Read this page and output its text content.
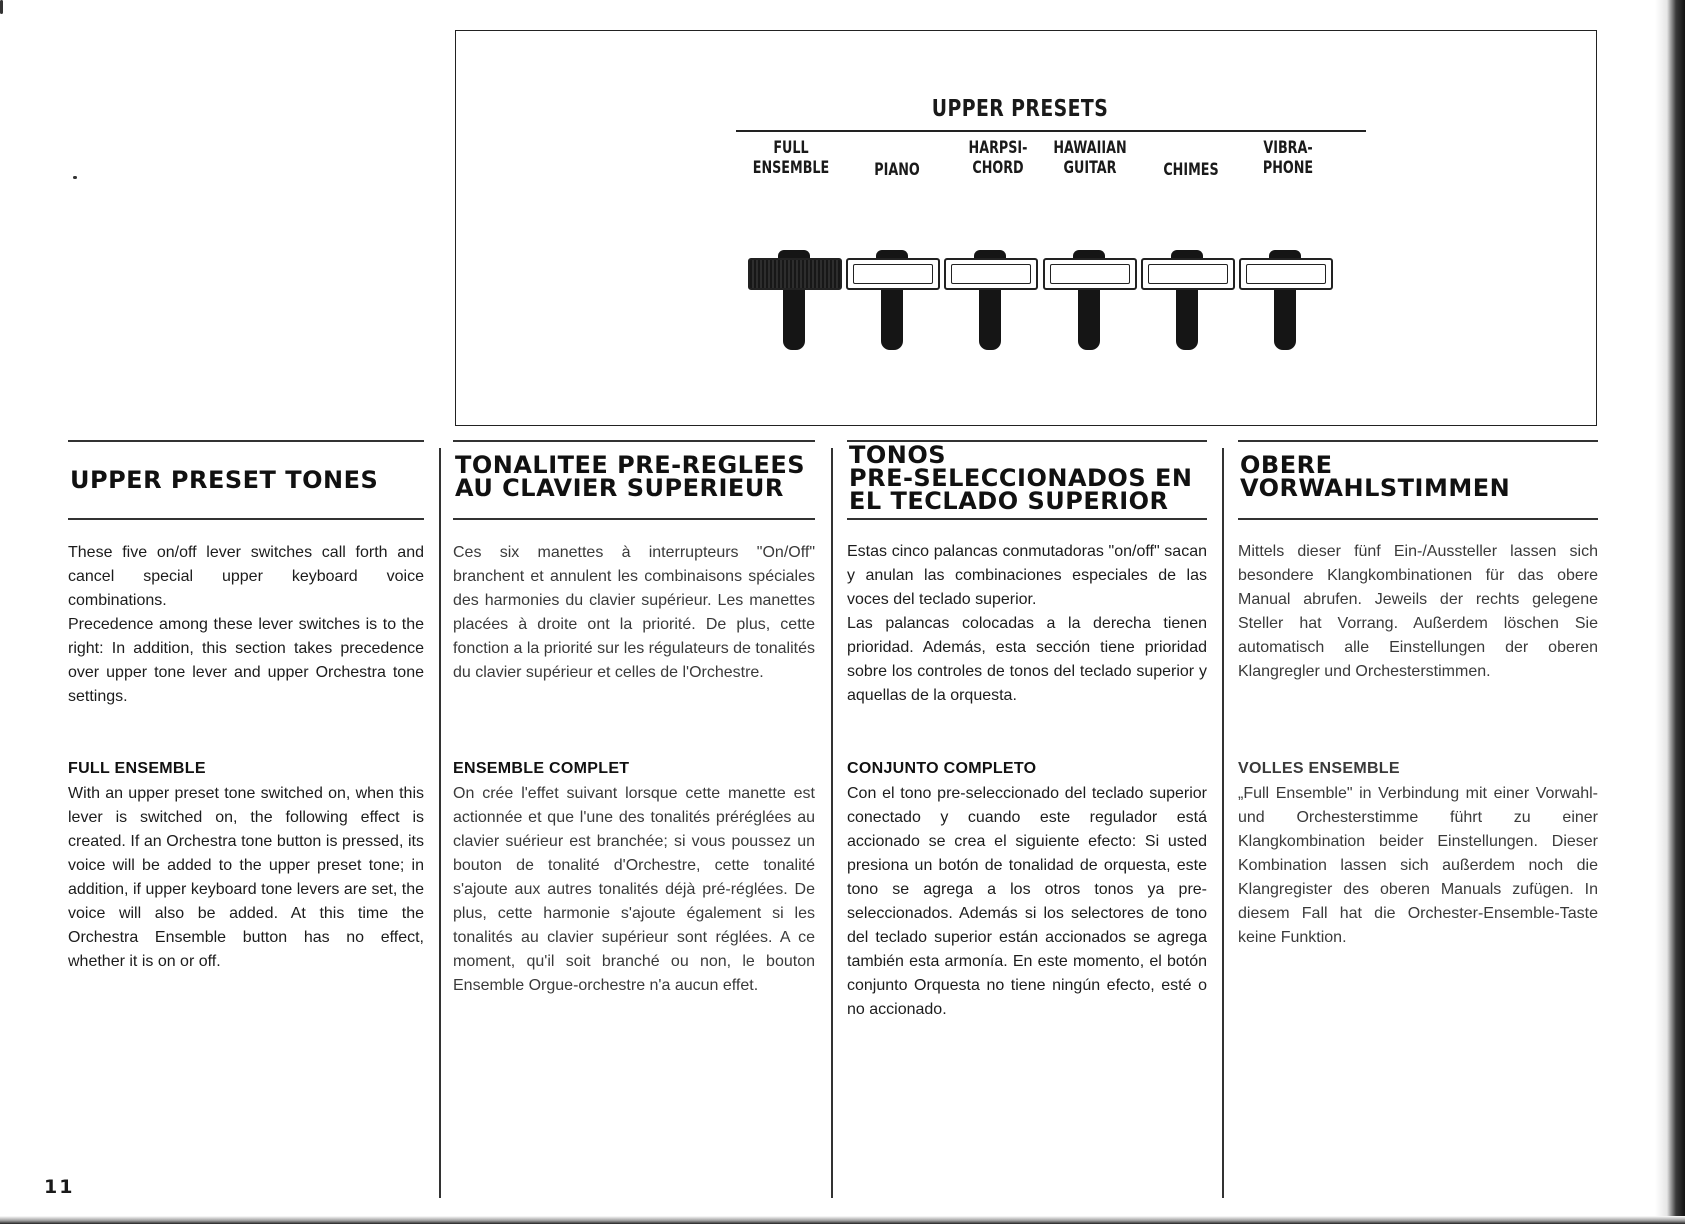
UPPER PRESETS
FULL
ENSEMBLE	PIANO
HARPSI-
CHORD
HAWAIIAN
GUITAR	CHIMES
VIBRA-
PHONE
UPPER PRESET TONES
These five on/off lever switches call forth and cancel special upper keyboard voice combinations.
Precedence among these lever switches is to the right: In addition, this section takes precedence over upper tone lever and upper Orchestra tone settings.
FULL ENSEMBLE
With an upper preset tone switched on, when this lever is switched on, the following effect is created. If an Orchestra tone button is pressed, its voice will be added to the upper preset tone; in addition, if upper keyboard tone levers are set, the voice will also be added. At this time the Orchestra Ensemble button has no effect, whether it is on or off.
TONALITEE PRE-REGLEES
AU CLAVIER SUPERIEUR
Ces six manettes à interrupteurs "On/Off" branchent et annulent les combinaisons spéciales des harmonies du clavier supérieur. Les manettes placées à droite ont la priorité. De plus, cette fonction a la priorité sur les régulateurs de tonalités du clavier supérieur et celles de l'Orchestre.
ENSEMBLE COMPLET
On crée l'effet suivant lorsque cette manette est actionnée et que l'une des tonalités préréglées au clavier suérieur est branchée; si vous poussez un bouton de tonalité d'Orchestre, cette tonalité s'ajoute aux autres tonalités déjà pré-réglées. De plus, cette harmonie s'ajoute également si les tonalités au clavier supérieur sont réglées. A ce moment, qu'il soit branché ou non, le bouton Ensemble Orgue-orchestre n'a aucun effet.
TONOS
PRE-SELECCIONADOS EN
EL TECLADO SUPERIOR
Estas cinco palancas conmutadoras "on/off" sacan y anulan las combinaciones especiales de las voces del teclado superior.
Las palancas colocadas a la derecha tienen prioridad. Además, esta sección tiene prioridad sobre los controles de tonos del teclado superior y aquellas de la orquesta.
CONJUNTO COMPLETO
Con el tono pre-seleccionado del teclado superior conectado y cuando este regulador está accionado se crea el siguiente efecto: Si usted presiona un botón de tonalidad de orquesta, este tono se agrega a los otros tonos ya pre-seleccionados. Además si los selectores de tono del teclado superior están accionados se agrega también esta armonía. En este momento, el botón conjunto Orquesta no tiene ningún efecto, esté o no accionado.
OBERE
VORWAHLSTIMMEN
Mittels dieser fünf Ein-/Aussteller lassen sich besondere Klangkombinationen für das obere Manual abrufen. Jeweils der rechts gelegene Steller hat Vorrang. Außerdem löschen Sie automatisch alle Einstellungen der oberen Klangregler und Orchesterstimmen.
VOLLES ENSEMBLE
„Full Ensemble" in Verbindung mit einer Vorwahl- und Orchesterstimme führt zu einer Klangkombination beider Einstellungen. Dieser Kombination lassen sich außerdem noch die Klangregister des oberen Manuals zufügen. In diesem Fall hat die Orchester-Ensemble-Taste keine Funktion.
11
